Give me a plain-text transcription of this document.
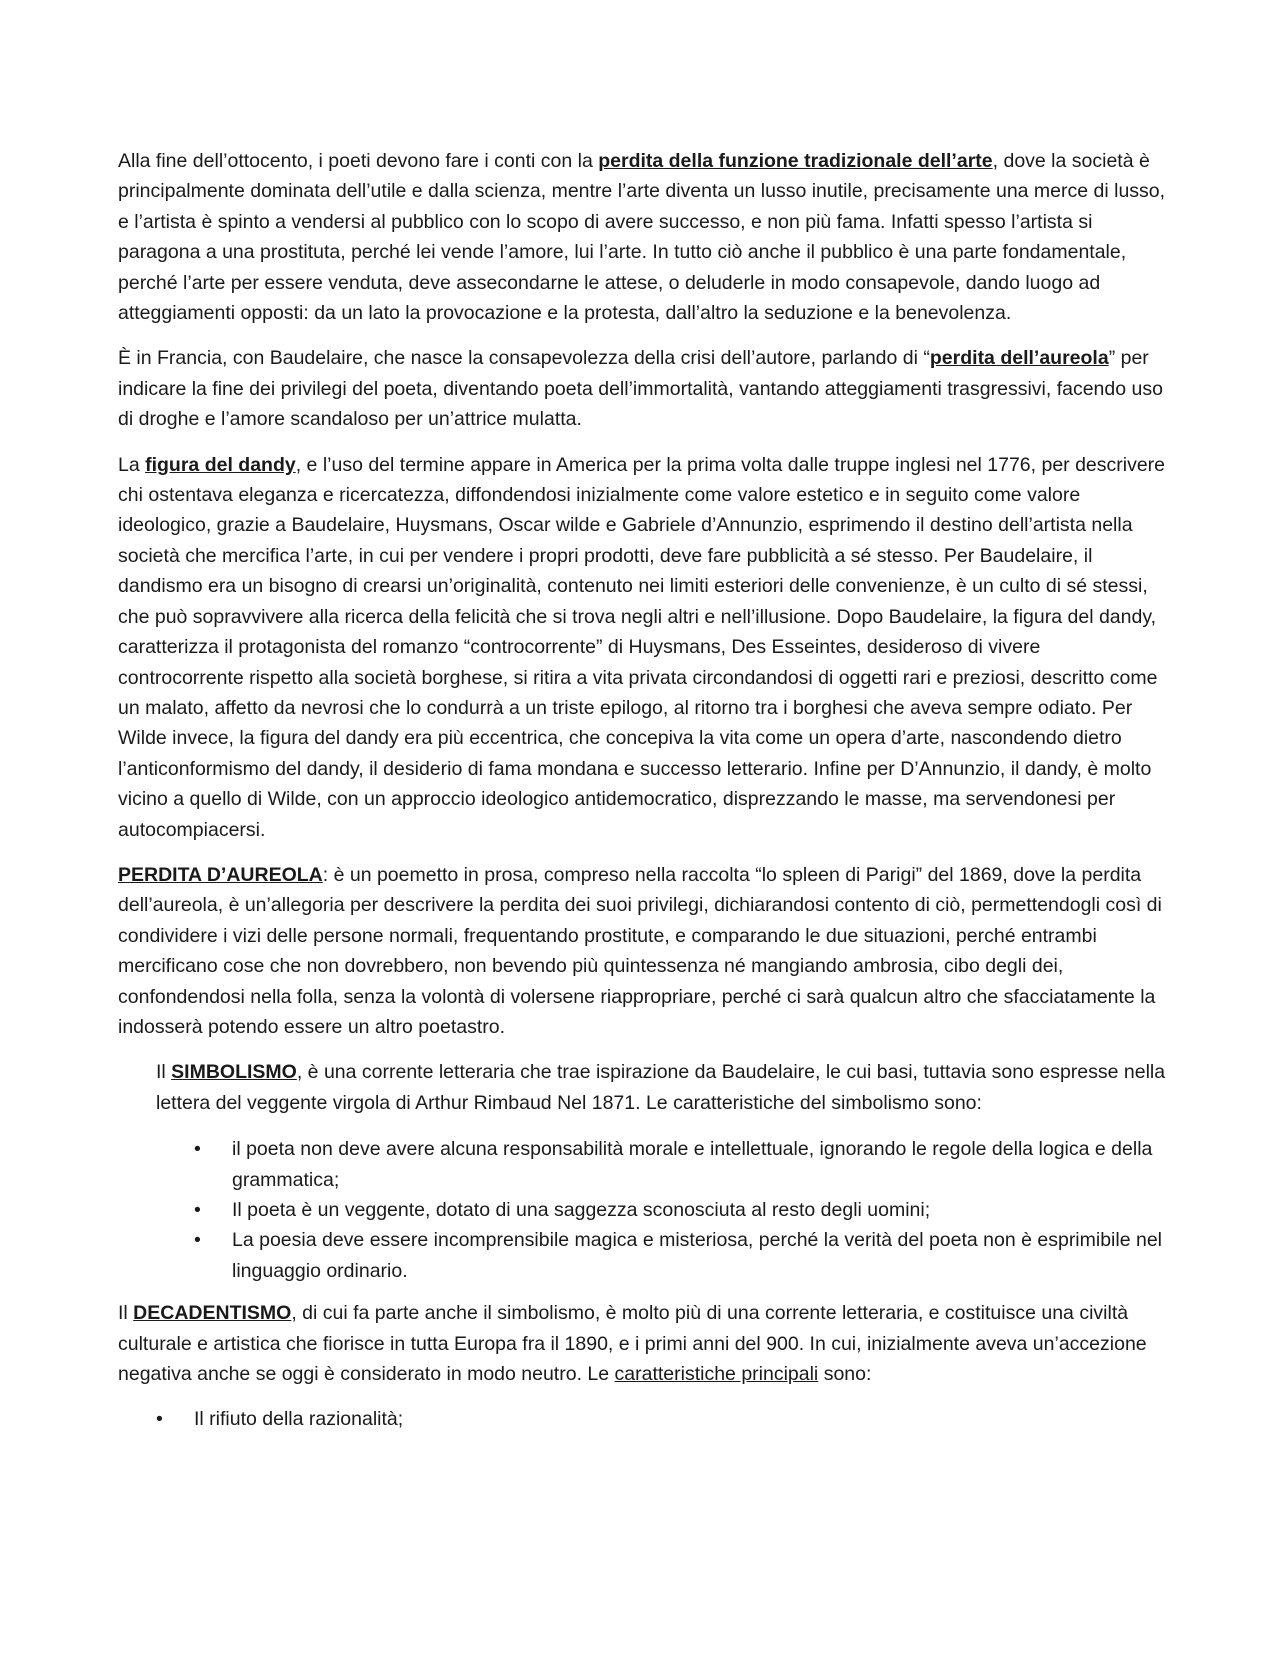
Alla fine dell’ottocento, i poeti devono fare i conti con la perdita della funzione tradizionale dell’arte, dove la società è principalmente dominata dell’utile e dalla scienza, mentre l’arte diventa un lusso inutile, precisamente una merce di lusso, e l’artista è spinto a vendersi al pubblico con lo scopo di avere successo, e non più fama. Infatti spesso l’artista si paragona a una prostituta, perché lei vende l’amore, lui l’arte. In tutto ciò anche il pubblico è una parte fondamentale, perché l’arte per essere venduta, deve assecondarne le attese, o deluderle in modo consapevole, dando luogo ad atteggiamenti opposti: da un lato la provocazione e la protesta, dall’altro la seduzione e la benevolenza.

È in Francia, con Baudelaire, che nasce la consapevolezza della crisi dell’autore, parlando di “perdita dell’aureola” per indicare la fine dei privilegi del poeta, diventando poeta dell’immortalità, vantando atteggiamenti trasgressivi, facendo uso di droghe e l’amore scandaloso per un’attrice mulatta.

La figura del dandy, e l’uso del termine appare in America per la prima volta dalle truppe inglesi nel 1776, per descrivere chi ostentava eleganza e ricercatezza, diffondendosi inizialmente come valore estetico e in seguito come valore ideologico, grazie a Baudelaire, Huysmans, Oscar wilde e Gabriele d’Annunzio, esprimendo il destino dell’artista nella società che mercifica l’arte, in cui per vendere i propri prodotti, deve fare pubblicità a sé stesso. Per Baudelaire, il dandismo era un bisogno di crearsi un’originalità, contenuto nei limiti esteriori delle convenienze, è un culto di sé stessi, che può sopravvivere alla ricerca della felicità che si trova negli altri e nell’illusione. Dopo Baudelaire, la figura del dandy, caratterizza il protagonista del romanzo “controcorrente” di Huysmans, Des Esseintes, desideroso di vivere controcorrente rispetto alla società borghese, si ritira a vita privata circondandosi di oggetti rari e preziosi, descritto come un malato, affetto da nevrosi che lo condurrà a un triste epilogo, al ritorno tra i borghesi che aveva sempre odiato. Per Wilde invece, la figura del dandy era più eccentrica, che concepiva la vita come un opera d’arte, nascondendo dietro l’anticonformismo del dandy, il desiderio di fama mondana e successo letterario. Infine per D’Annunzio, il dandy, è molto vicino a quello di Wilde, con un approccio ideologico antidemocratico, disprezzando le masse, ma servendonesi per autocompiacersi.

PERDITA D’AUREOLA: è un poemetto in prosa, compreso nella raccolta “lo spleen di Parigi” del 1869, dove la perdita dell’aureola, è un’allegoria per descrivere la perdita dei suoi privilegi, dichiarandosi contento di ciò, permettendogli così di condividere i vizi delle persone normali, frequentando prostitute, e comparando le due situazioni, perché entrambi mercificano cose che non dovrebbero, non bevendo più quintessenza né mangiando ambrosia, cibo degli dei, confondendosi nella folla, senza la volontà di volersene riappropriare, perché ci sarà qualcun altro che sfacciatamente la indosserà potendo essere un altro poetastro.

Il SIMBOLISMO, è una corrente letteraria che trae ispirazione da Baudelaire, le cui basi, tuttavia sono espresse nella lettera del veggente virgola di Arthur Rimbaud Nel 1871. Le caratteristiche del simbolismo sono:

•	il poeta non deve avere alcuna responsabilità morale e intellettuale, ignorando le regole della logica e della grammatica;
•	Il poeta è un veggente, dotato di una saggezza sconosciuta al resto degli uomini;
•	La poesia deve essere incomprensibile magica e misteriosa, perché la verità del poeta non è esprimibile nel linguaggio ordinario.

Il DECADENTISMO, di cui fa parte anche il simbolismo, è molto più di una corrente letteraria, e costituisce una civiltà culturale e artistica che fiorisce in tutta Europa fra il 1890, e i primi anni del 900. In cui, inizialmente aveva un’accezione negativa anche se oggi è considerato in modo neutro. Le caratteristiche principali sono:

•	Il rifiuto della razionalità;
